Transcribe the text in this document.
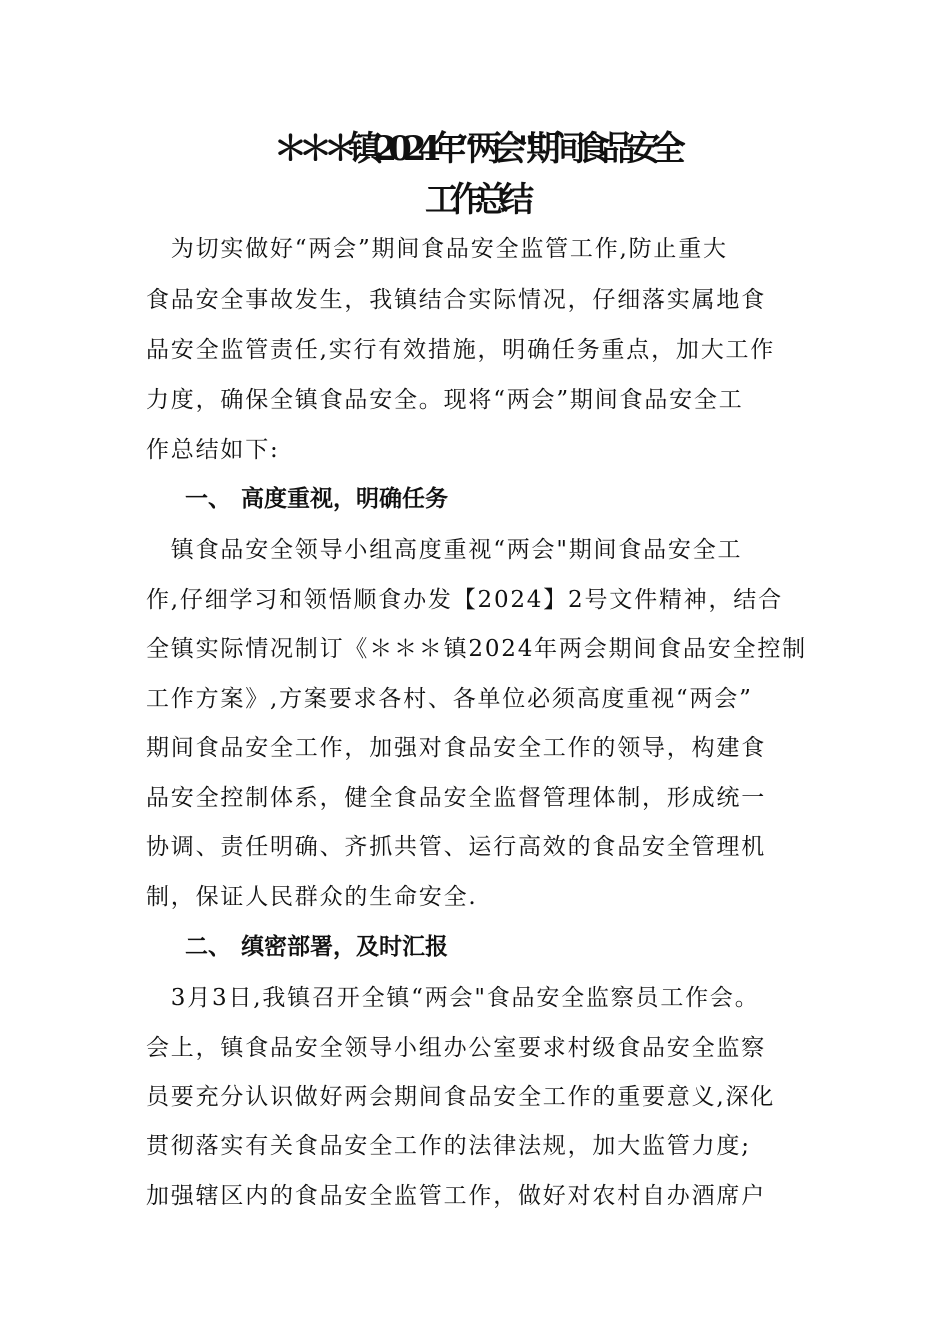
＊＊＊镇2024年“两会"期间食品安全
工作总结
　为切实做好“两会”期间食品安全监管工作,防止重大
食品安全事故发生，我镇结合实际情况，仔细落实属地食
品安全监管责任,实行有效措施，明确任务重点，加大工作
力度，确保全镇食品安全。现将“两会”期间食品安全工
作总结如下:
一、 高度重视，明确任务
　镇食品安全领导小组高度重视“两会"期间食品安全工
作,仔细学习和领悟顺食办发【2024】2号文件精神，结合
全镇实际情况制订《＊＊＊镇2024年两会期间食品安全控制
工作方案》,方案要求各村、各单位必须高度重视“两会”
期间食品安全工作，加强对食品安全工作的领导，构建食
品安全控制体系，健全食品安全监督管理体制，形成统一
协调、责任明确、齐抓共管、运行高效的食品安全管理机
制，保证人民群众的生命安全.
二、 缜密部署，及时汇报
　3月3日,我镇召开全镇“两会"食品安全监察员工作会。
会上，镇食品安全领导小组办公室要求村级食品安全监察
员要充分认识做好两会期间食品安全工作的重要意义,深化
贯彻落实有关食品安全工作的法律法规，加大监管力度;
加强辖区内的食品安全监管工作，做好对农村自办酒席户
